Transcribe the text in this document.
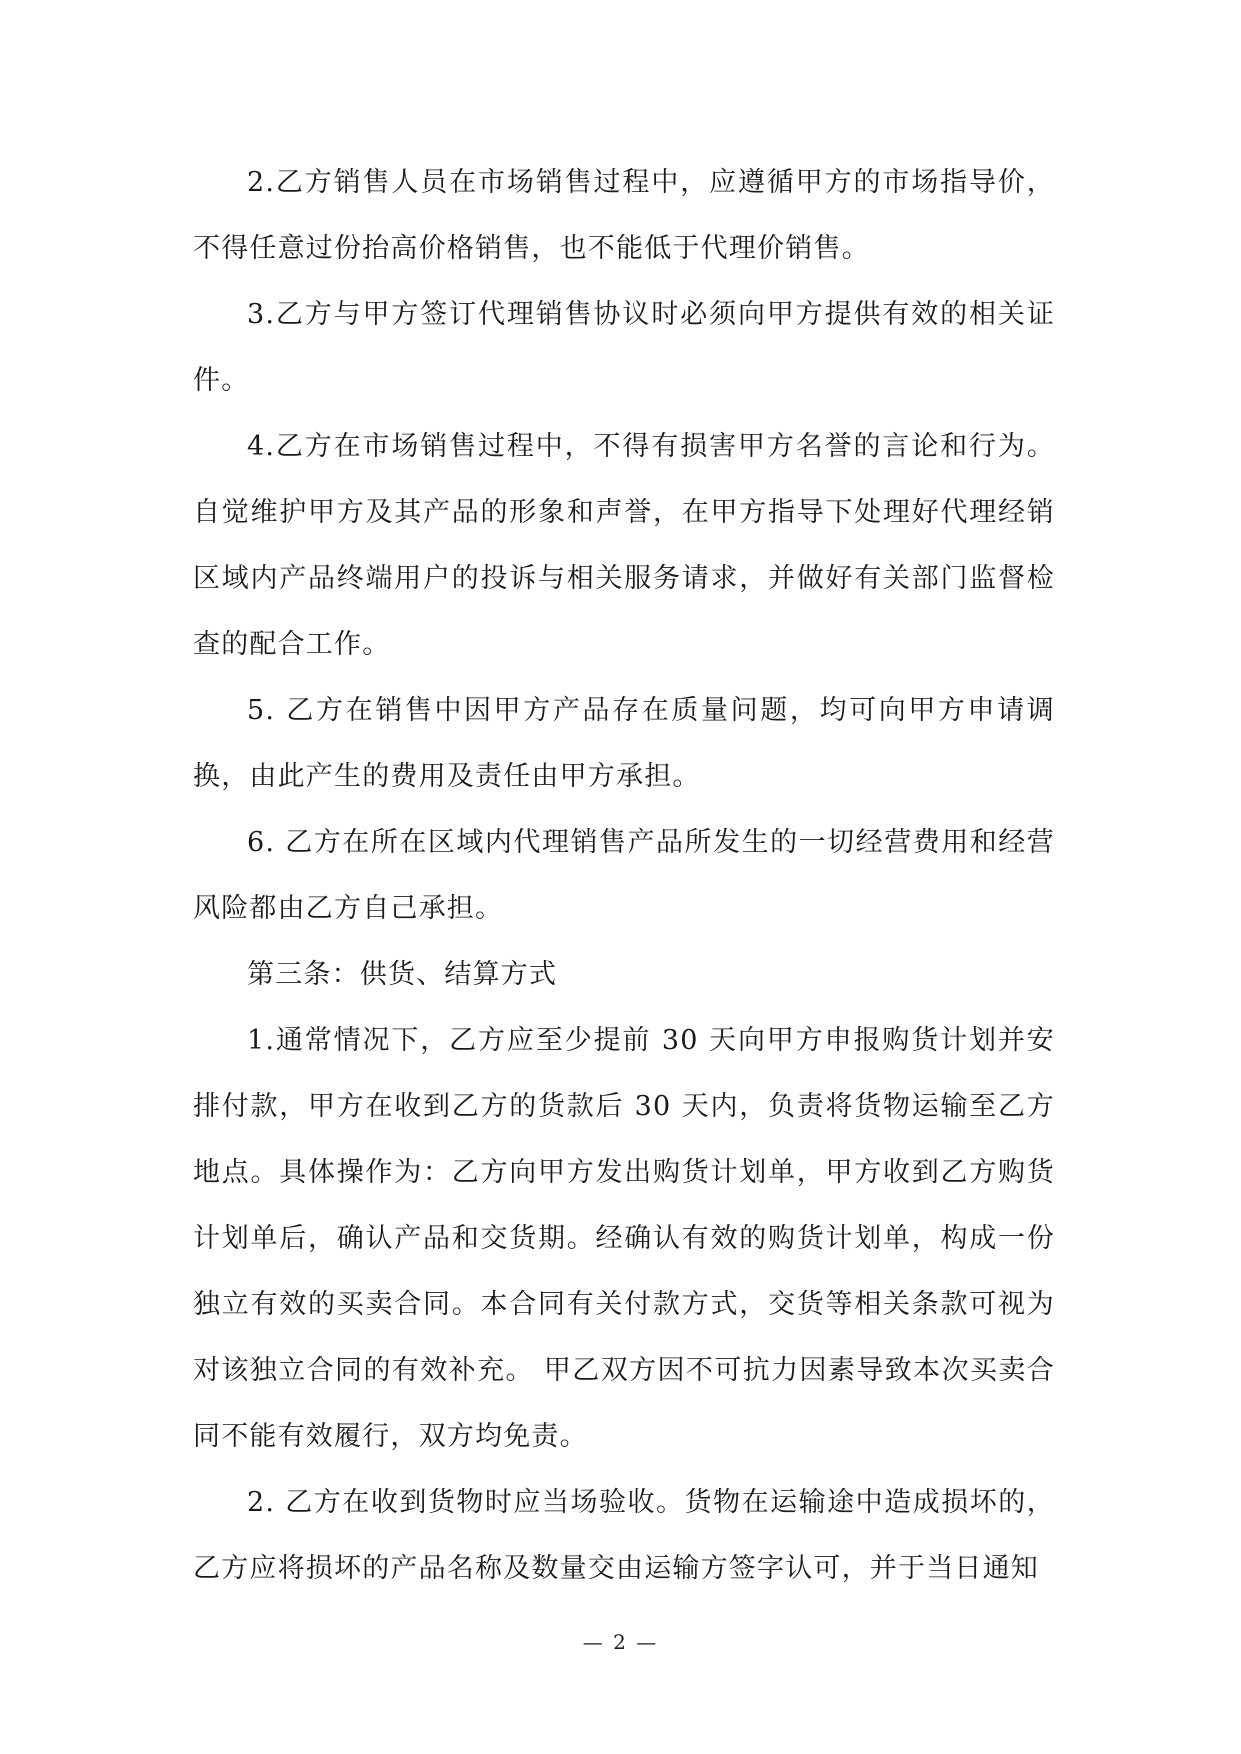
2.乙方销售人员在市场销售过程中，应遵循甲方的市场指导价，不得任意过份抬高价格销售，也不能低于代理价销售。

3.乙方与甲方签订代理销售协议时必须向甲方提供有效的相关证件。

4.乙方在市场销售过程中，不得有损害甲方名誉的言论和行为。自觉维护甲方及其产品的形象和声誉，在甲方指导下处理好代理经销区域内产品终端用户的投诉与相关服务请求，并做好有关部门监督检查的配合工作。

5. 乙方在销售中因甲方产品存在质量问题，均可向甲方申请调换，由此产生的费用及责任由甲方承担。

6. 乙方在所在区域内代理销售产品所发生的一切经营费用和经营风险都由乙方自己承担。

第三条：供货、结算方式

1.通常情况下，乙方应至少提前 30 天向甲方申报购货计划并安排付款，甲方在收到乙方的货款后 30 天内，负责将货物运输至乙方地点。具体操作为：乙方向甲方发出购货计划单，甲方收到乙方购货计划单后，确认产品和交货期。经确认有效的购货计划单，构成一份独立有效的买卖合同。本合同有关付款方式，交货等相关条款可视为对该独立合同的有效补充。 甲乙双方因不可抗力因素导致本次买卖合同不能有效履行，双方均免责。

2. 乙方在收到货物时应当场验收。货物在运输途中造成损坏的，乙方应将损坏的产品名称及数量交由运输方签字认可，并于当日通知

— 2 —
